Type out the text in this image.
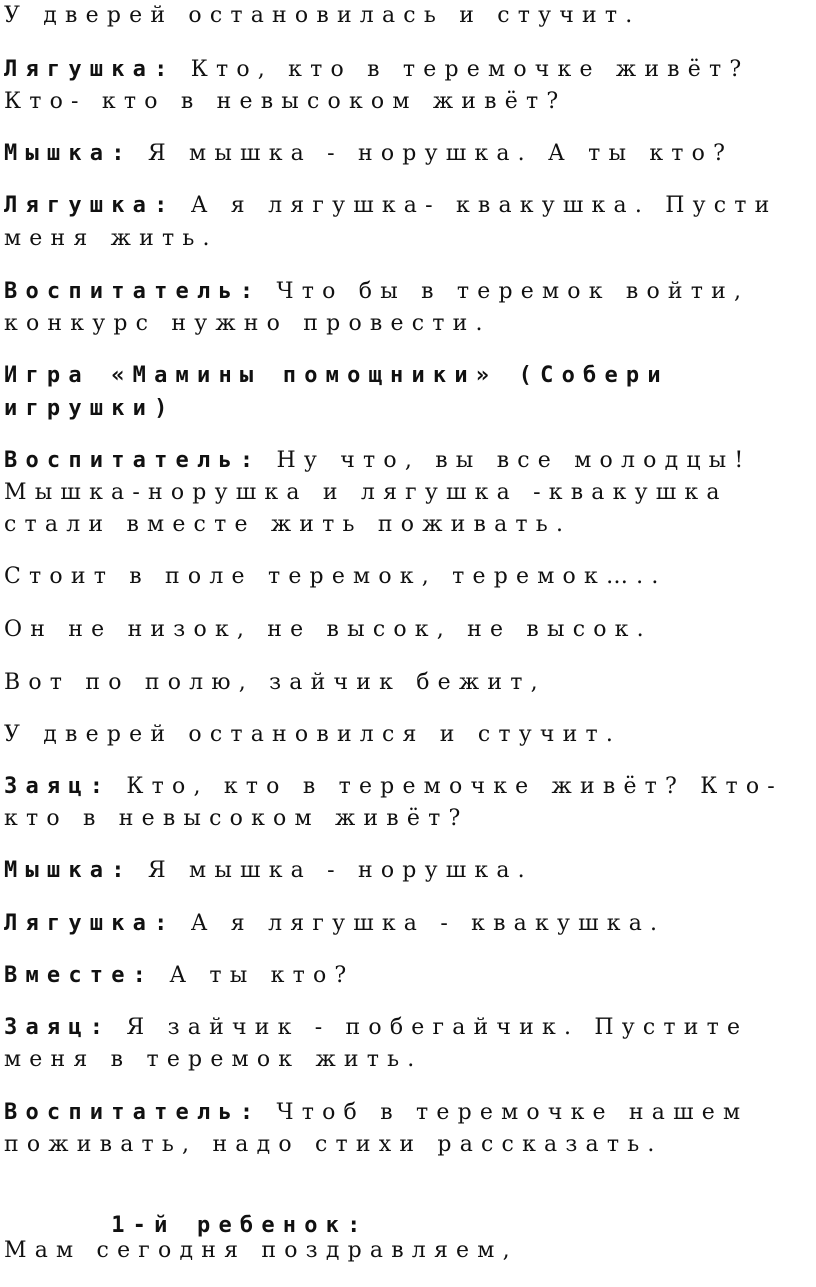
У дверей остановилась и стучит.
Лягушка: Кто, кто в теремочке живёт?
Кто- кто в невысоком живёт?
Мышка: Я мышка - норушка. А ты кто?
Лягушка: А я лягушка- квакушка. Пусти
меня жить.
Воспитатель: Что бы в теремок войти,
конкурс нужно провести.
Игра «Мамины помощники» (Собери
игрушки)
Воспитатель: Ну что, вы все молодцы!
Мышка-норушка и лягушка -квакушка
стали вместе жить поживать.
Стоит в поле теремок, теремок…..
Он не низок, не высок, не высок.
Вот по полю, зайчик бежит,
У дверей остановился и стучит.
Заяц: Кто, кто в теремочке живёт? Кто-
кто в невысоком живёт?
Мышка: Я мышка - норушка.
Лягушка: А я лягушка - квакушка.
Вместе: А ты кто?
Заяц: Я зайчик - побегайчик. Пустите
меня в теремок жить.
Воспитатель: Чтоб в теремочке нашем
поживать, надо стихи рассказать.

1-й ребенок:

Мам сегодня поздравляем,
